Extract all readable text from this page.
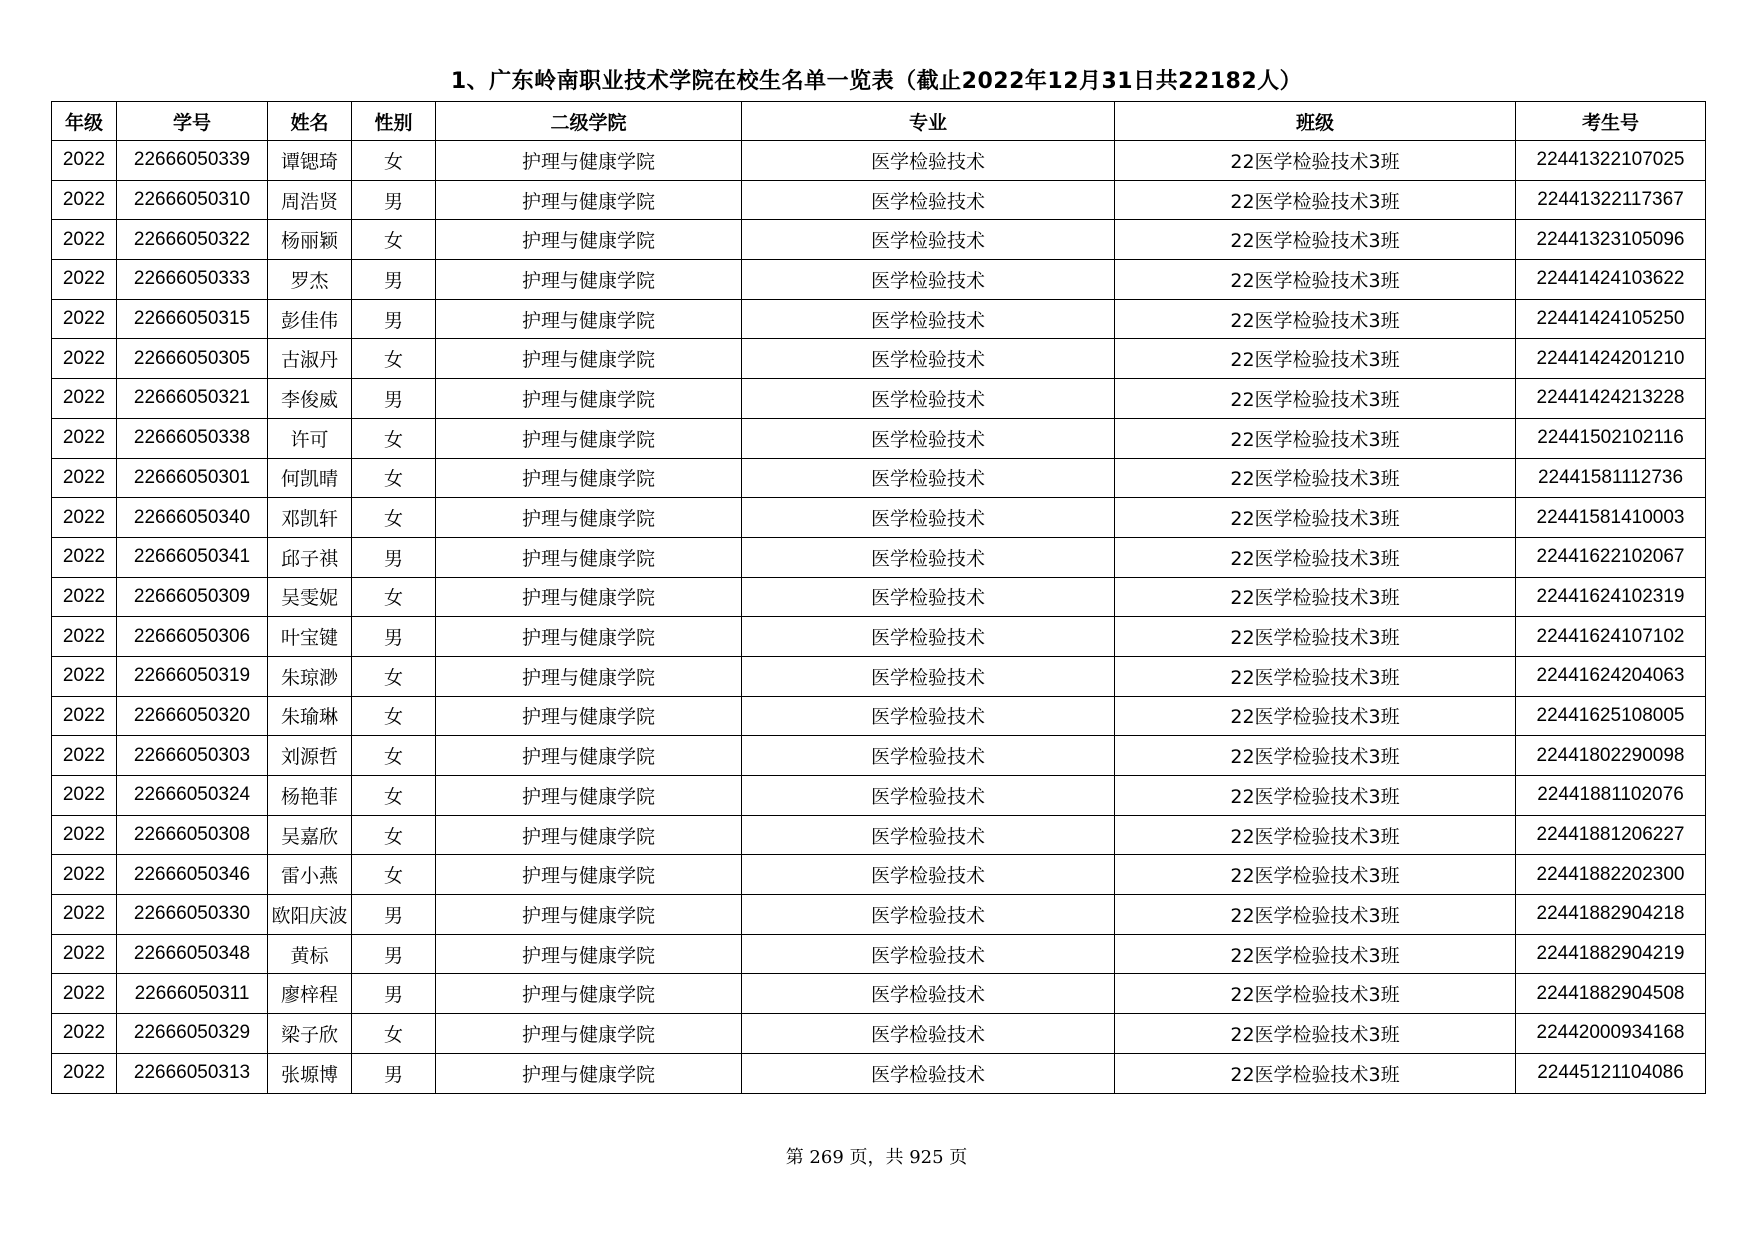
1、广东岭南职业技术学院在校生名单一览表（截止2022年12月31日共22182人）
年级	学号	姓名	性别	二级学院	专业	班级	考生号
2022	22666050339	谭锶琦	女	护理与健康学院	医学检验技术	22医学检验技术3班	22441322107025
2022	22666050310	周浩贤	男	护理与健康学院	医学检验技术	22医学检验技术3班	22441322117367
2022	22666050322	杨丽颖	女	护理与健康学院	医学检验技术	22医学检验技术3班	22441323105096
2022	22666050333	罗杰	男	护理与健康学院	医学检验技术	22医学检验技术3班	22441424103622
2022	22666050315	彭佳伟	男	护理与健康学院	医学检验技术	22医学检验技术3班	22441424105250
2022	22666050305	古淑丹	女	护理与健康学院	医学检验技术	22医学检验技术3班	22441424201210
2022	22666050321	李俊威	男	护理与健康学院	医学检验技术	22医学检验技术3班	22441424213228
2022	22666050338	许可	女	护理与健康学院	医学检验技术	22医学检验技术3班	22441502102116
2022	22666050301	何凯晴	女	护理与健康学院	医学检验技术	22医学检验技术3班	22441581112736
2022	22666050340	邓凯轩	女	护理与健康学院	医学检验技术	22医学检验技术3班	22441581410003
2022	22666050341	邱子祺	男	护理与健康学院	医学检验技术	22医学检验技术3班	22441622102067
2022	22666050309	吴雯妮	女	护理与健康学院	医学检验技术	22医学检验技术3班	22441624102319
2022	22666050306	叶宝键	男	护理与健康学院	医学检验技术	22医学检验技术3班	22441624107102
2022	22666050319	朱琼渺	女	护理与健康学院	医学检验技术	22医学检验技术3班	22441624204063
2022	22666050320	朱瑜琳	女	护理与健康学院	医学检验技术	22医学检验技术3班	22441625108005
2022	22666050303	刘源哲	女	护理与健康学院	医学检验技术	22医学检验技术3班	22441802290098
2022	22666050324	杨艳菲	女	护理与健康学院	医学检验技术	22医学检验技术3班	22441881102076
2022	22666050308	吴嘉欣	女	护理与健康学院	医学检验技术	22医学检验技术3班	22441881206227
2022	22666050346	雷小燕	女	护理与健康学院	医学检验技术	22医学检验技术3班	22441882202300
2022	22666050330	欧阳庆波	男	护理与健康学院	医学检验技术	22医学检验技术3班	22441882904218
2022	22666050348	黄标	男	护理与健康学院	医学检验技术	22医学检验技术3班	22441882904219
2022	22666050311	廖梓程	男	护理与健康学院	医学检验技术	22医学检验技术3班	22441882904508
2022	22666050329	梁子欣	女	护理与健康学院	医学检验技术	22医学检验技术3班	22442000934168
2022	22666050313	张塬博	男	护理与健康学院	医学检验技术	22医学检验技术3班	22445121104086
第 269 页，共 925 页
